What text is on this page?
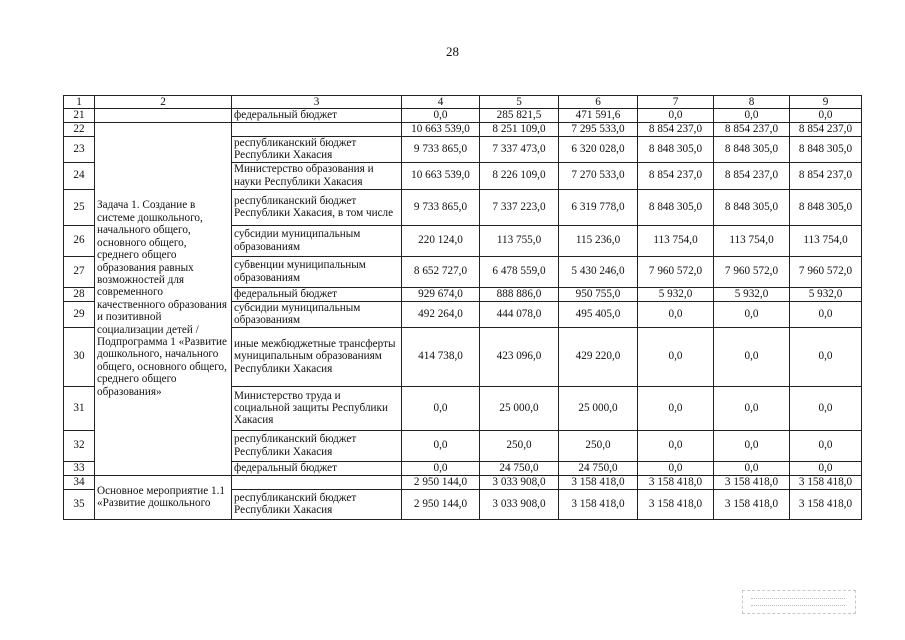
28
1	2	3	4	5	6	7	8	9
21		федеральный бюджет	0,0	285 821,5	471 591,6	0,0	0,0	0,0
22	Задача 1. Создание в системе дошкольного, начального общего, основного общего, среднего общего образования равных возможностей для современного качественного образования и позитивной социализации детей /Подпрограмма 1 «Развитие дошкольного, начального общего, основного общего, среднего общего образования»		10 663 539,0	8 251 109,0	7 295 533,0	8 854 237,0	8 854 237,0	8 854 237,0
23		республиканский бюджет Республики Хакасия	9 733 865,0	7 337 473,0	6 320 028,0	8 848 305,0	8 848 305,0	8 848 305,0
24		Министерство образования и науки Республики Хакасия	10 663 539,0	8 226 109,0	7 270 533,0	8 854 237,0	8 854 237,0	8 854 237,0
25		республиканский бюджет Республики Хакасия, в том числе	9 733 865,0	7 337 223,0	6 319 778,0	8 848 305,0	8 848 305,0	8 848 305,0
26		субсидии муниципальным образованиям	220 124,0	113 755,0	115 236,0	113 754,0	113 754,0	113 754,0
27		субвенции муниципальным образованиям	8 652 727,0	6 478 559,0	5 430 246,0	7 960 572,0	7 960 572,0	7 960 572,0
28		федеральный бюджет	929 674,0	888 886,0	950 755,0	5 932,0	5 932,0	5 932,0
29		субсидии муниципальным образованиям	492 264,0	444 078,0	495 405,0	0,0	0,0	0,0
30		иные межбюджетные трансферты муниципальным образованиям Республики Хакасия	414 738,0	423 096,0	429 220,0	0,0	0,0	0,0
31		Министерство труда и социальной защиты Республики Хакасия	0,0	25 000,0	25 000,0	0,0	0,0	0,0
32		республиканский бюджет Республики Хакасия	0,0	250,0	250,0	0,0	0,0	0,0
33		федеральный бюджет	0,0	24 750,0	24 750,0	0,0	0,0	0,0
34	Основное мероприятие 1.1 «Развитие дошкольного		2 950 144,0	3 033 908,0	3 158 418,0	3 158 418,0	3 158 418,0	3 158 418,0
35		республиканский бюджет Республики Хакасия	2 950 144,0	3 033 908,0	3 158 418,0	3 158 418,0	3 158 418,0	3 158 418,0
